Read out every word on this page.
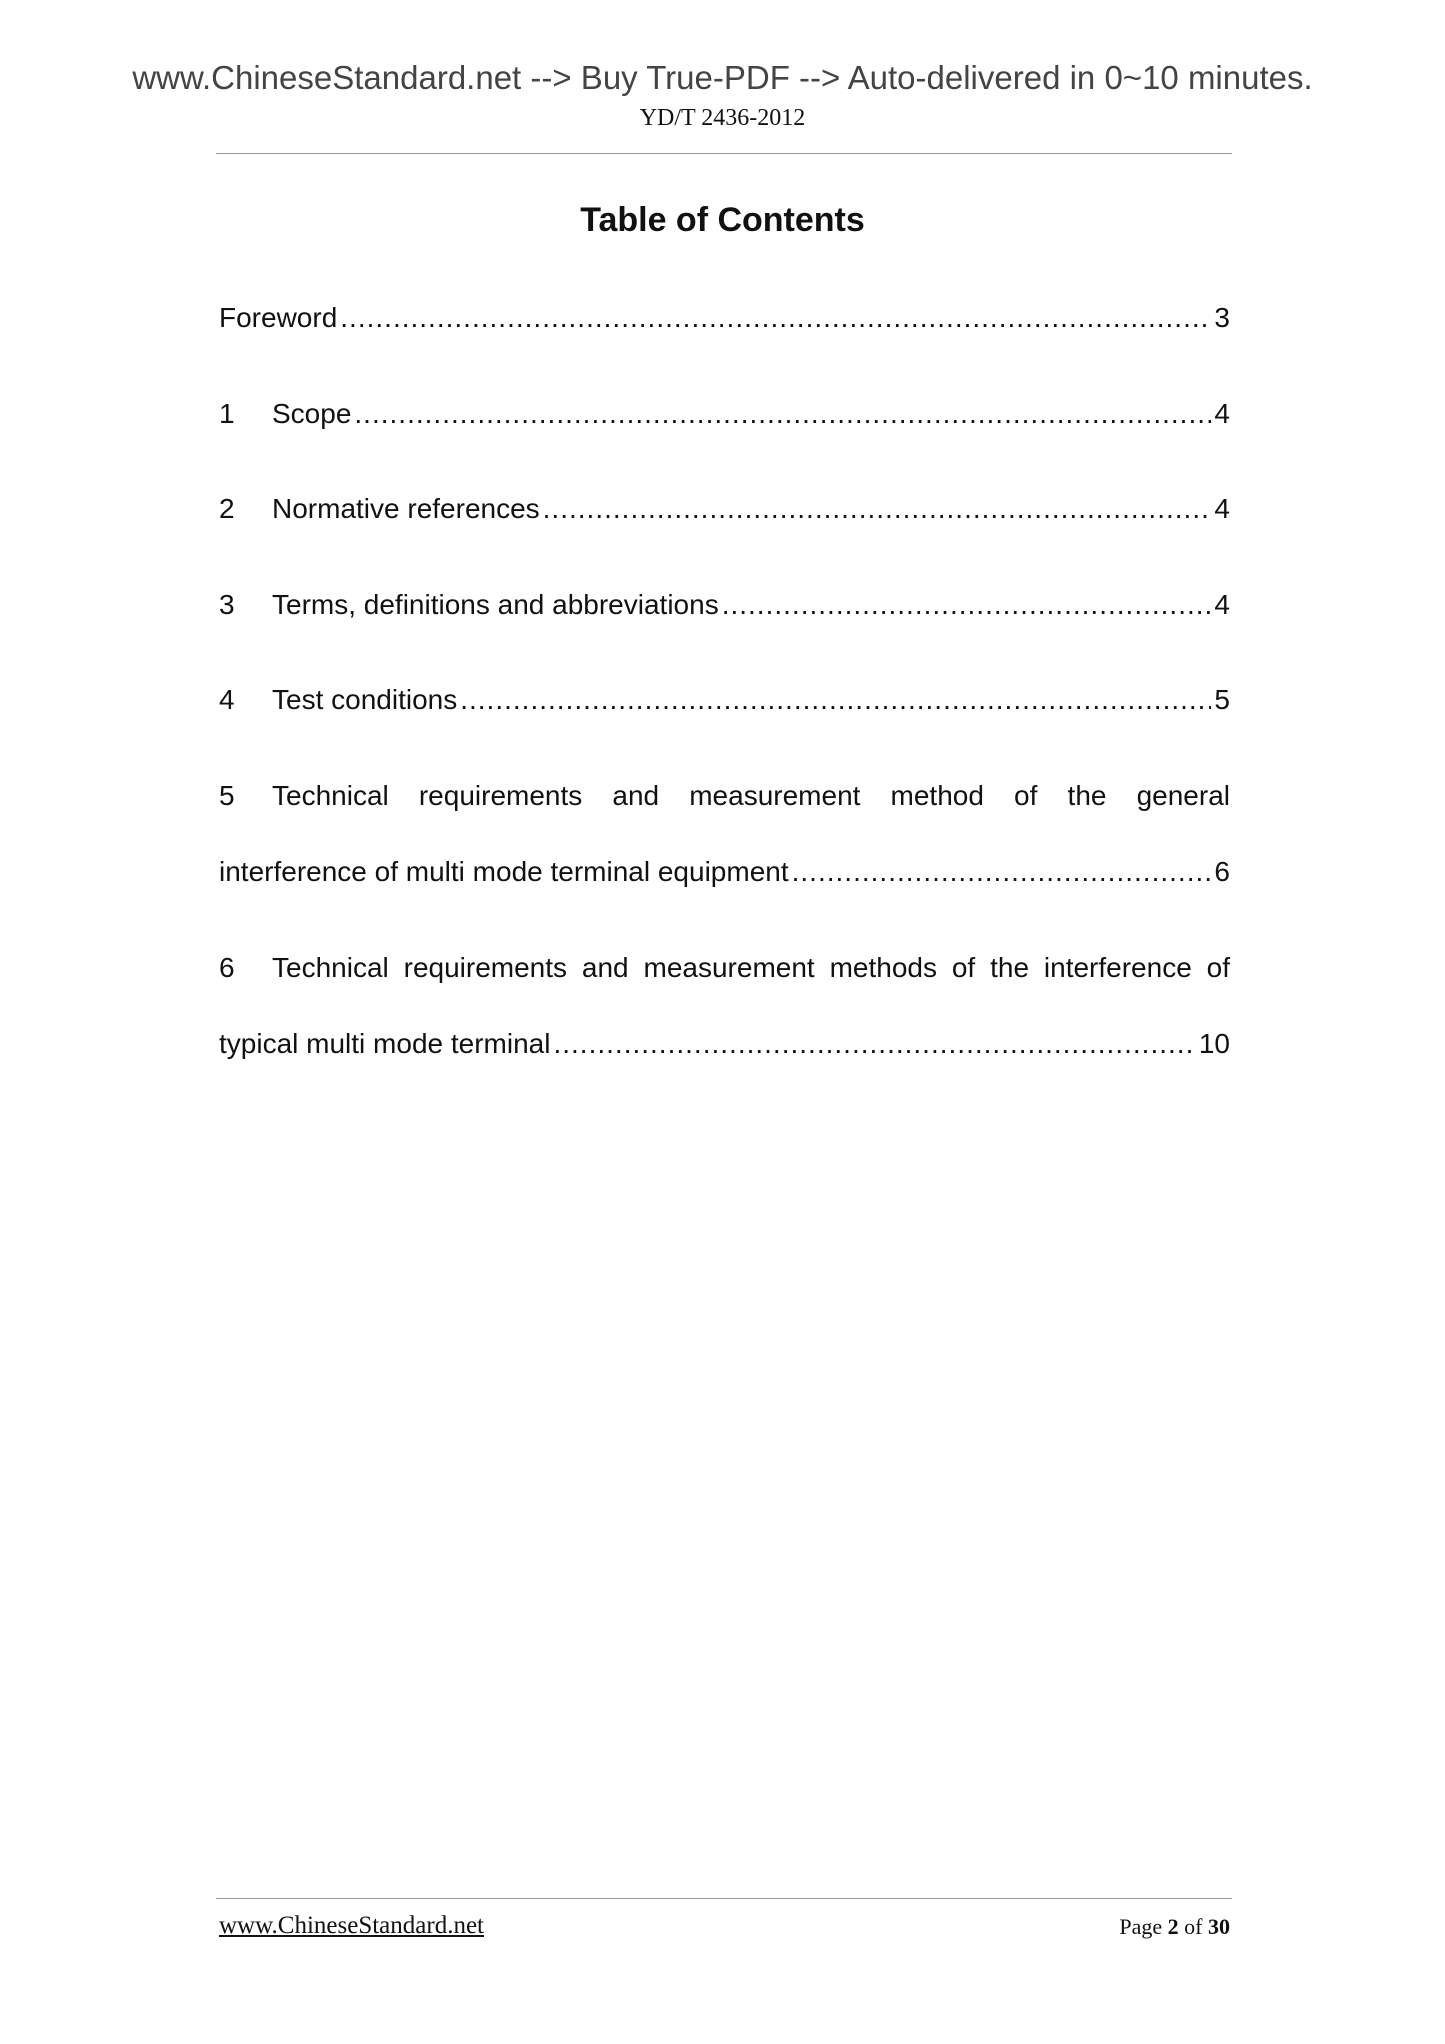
www.ChineseStandard.net --> Buy True-PDF --> Auto-delivered in 0~10 minutes.
YD/T 2436-2012
Table of Contents
Foreword .....	3
1	Scope .....	4
2	Normative references .....	4
3	Terms, definitions and abbreviations .....	4
4	Test conditions .....	5
5 Technical requirements and measurement method of the general
interference of multi mode terminal equipment .....	6
6 Technical requirements and measurement methods of the interference of
typical multi mode terminal .....	10
www.ChineseStandard.net	Page 2 of 30
